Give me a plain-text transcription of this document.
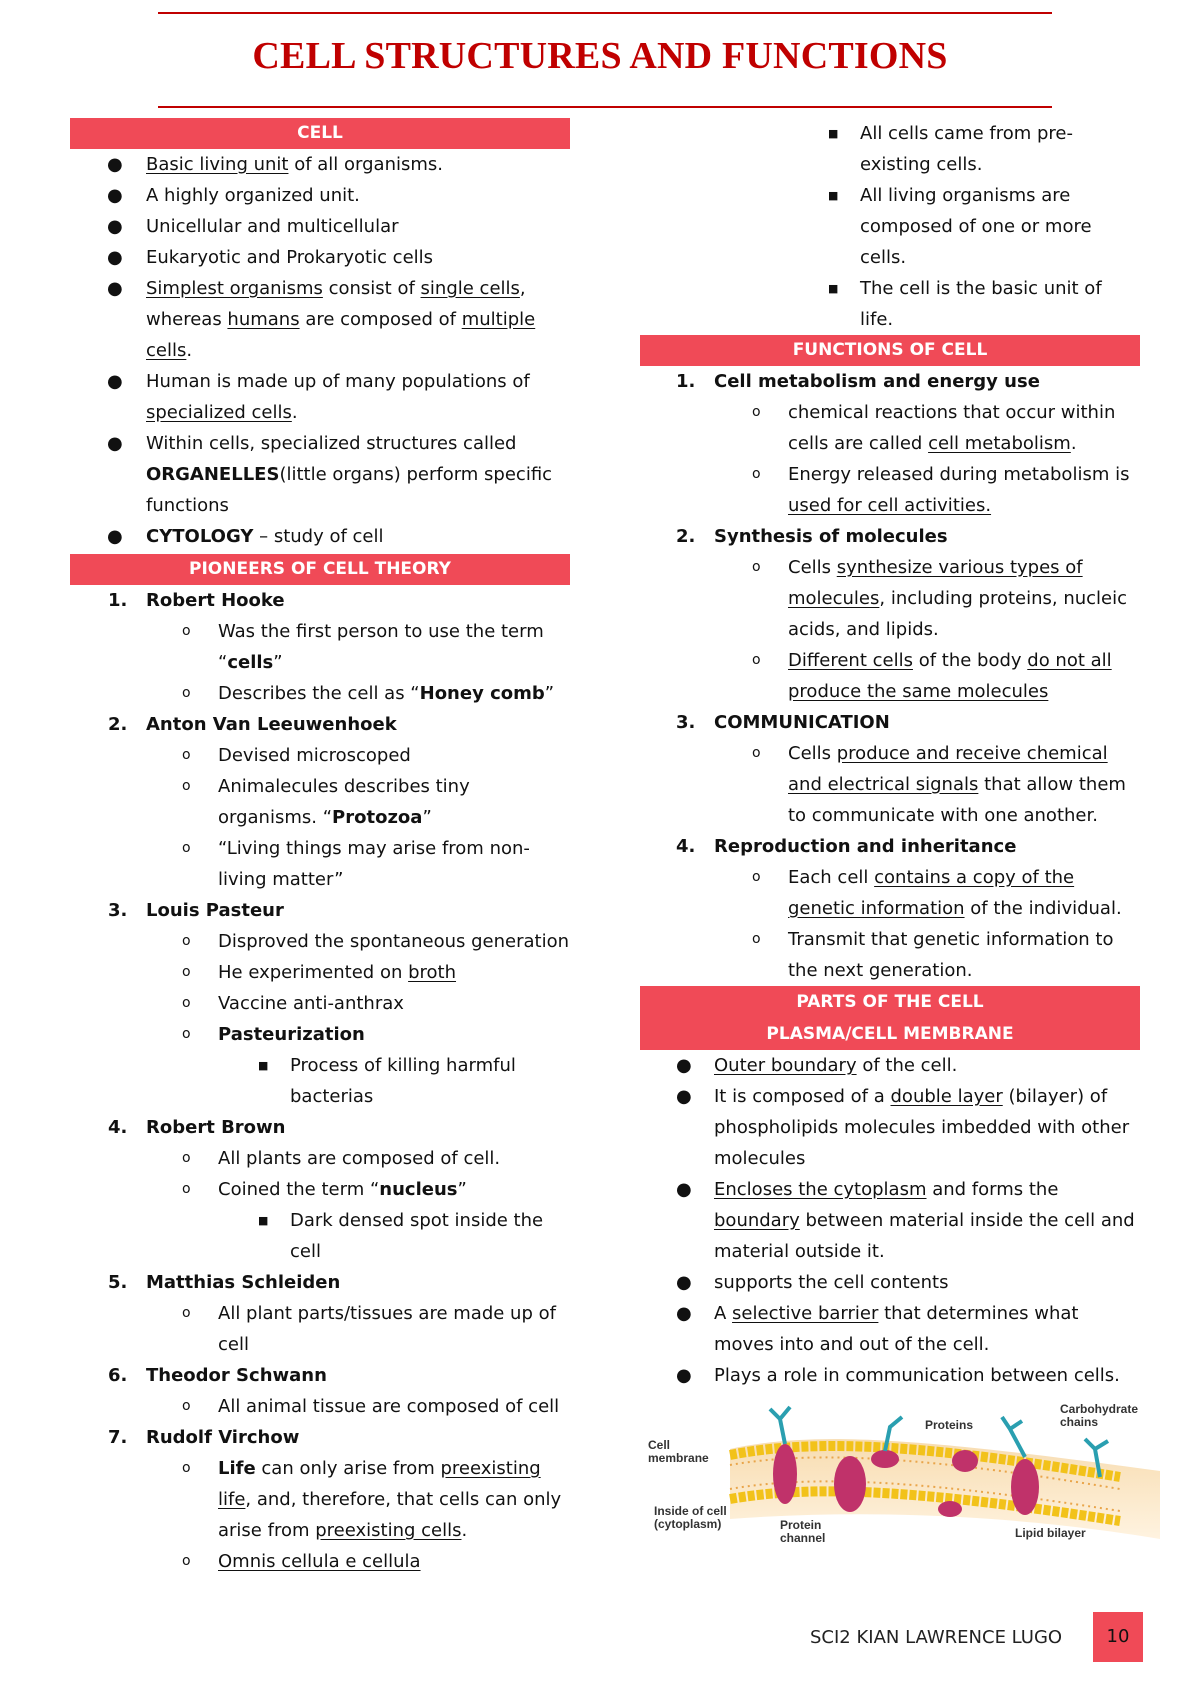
CELL STRUCTURES AND FUNCTIONS
CELL
● Basic living unit of all organisms.
● A highly organized unit.
● Unicellular and multicellular
● Eukaryotic and Prokaryotic cells
● Simplest organisms consist of single cells, whereas humans are composed of multiple cells.
● Human is made up of many populations of specialized cells.
● Within cells, specialized structures called ORGANELLES(little organs) perform specific functions
● CYTOLOGY – study of cell
PIONEERS OF CELL THEORY
1. Robert Hooke
o Was the first person to use the term “cells”
o Describes the cell as “Honey comb”
2. Anton Van Leeuwenhoek
o Devised microscoped
o Animalecules describes tiny organisms. “Protozoa”
o “Living things may arise from non-living matter”
3. Louis Pasteur
o Disproved the spontaneous generation
o He experimented on broth
o Vaccine anti-anthrax
o Pasteurization
■ Process of killing harmful bacterias
4. Robert Brown
o All plants are composed of cell.
o Coined the term “nucleus”
■ Dark densed spot inside the cell
5. Matthias Schleiden
o All plant parts/tissues are made up of cell
6. Theodor Schwann
o All animal tissue are composed of cell
7. Rudolf Virchow
o Life can only arise from preexisting life, and, therefore, that cells can only arise from preexisting cells.
o Omnis cellula e cellula
■ All cells came from pre-existing cells.
■ All living organisms are composed of one or more cells.
■ The cell is the basic unit of life.
FUNCTIONS OF CELL
1. Cell metabolism and energy use
o chemical reactions that occur within cells are called cell metabolism.
o Energy released during metabolism is used for cell activities.
2. Synthesis of molecules
o Cells synthesize various types of molecules, including proteins, nucleic acids, and lipids.
o Different cells of the body do not all produce the same molecules
3. COMMUNICATION
o Cells produce and receive chemical and electrical signals that allow them to communicate with one another.
4. Reproduction and inheritance
o Each cell contains a copy of the genetic information of the individual.
o Transmit that genetic information to the next generation.
PARTS OF THE CELL
PLASMA/CELL MEMBRANE
● Outer boundary of the cell.
● It is composed of a double layer (bilayer) of phospholipids molecules imbedded with other molecules
● Encloses the cytoplasm and forms the boundary between material inside the cell and material outside it.
● supports the cell contents
● A selective barrier that determines what moves into and out of the cell.
● Plays a role in communication between cells.
Proteins
Carbohydrate chains
Cell membrane
Inside of cell (cytoplasm)	Protein channel	Lipid bilayer
SCI2 KIAN LAWRENCE LUGO	10
